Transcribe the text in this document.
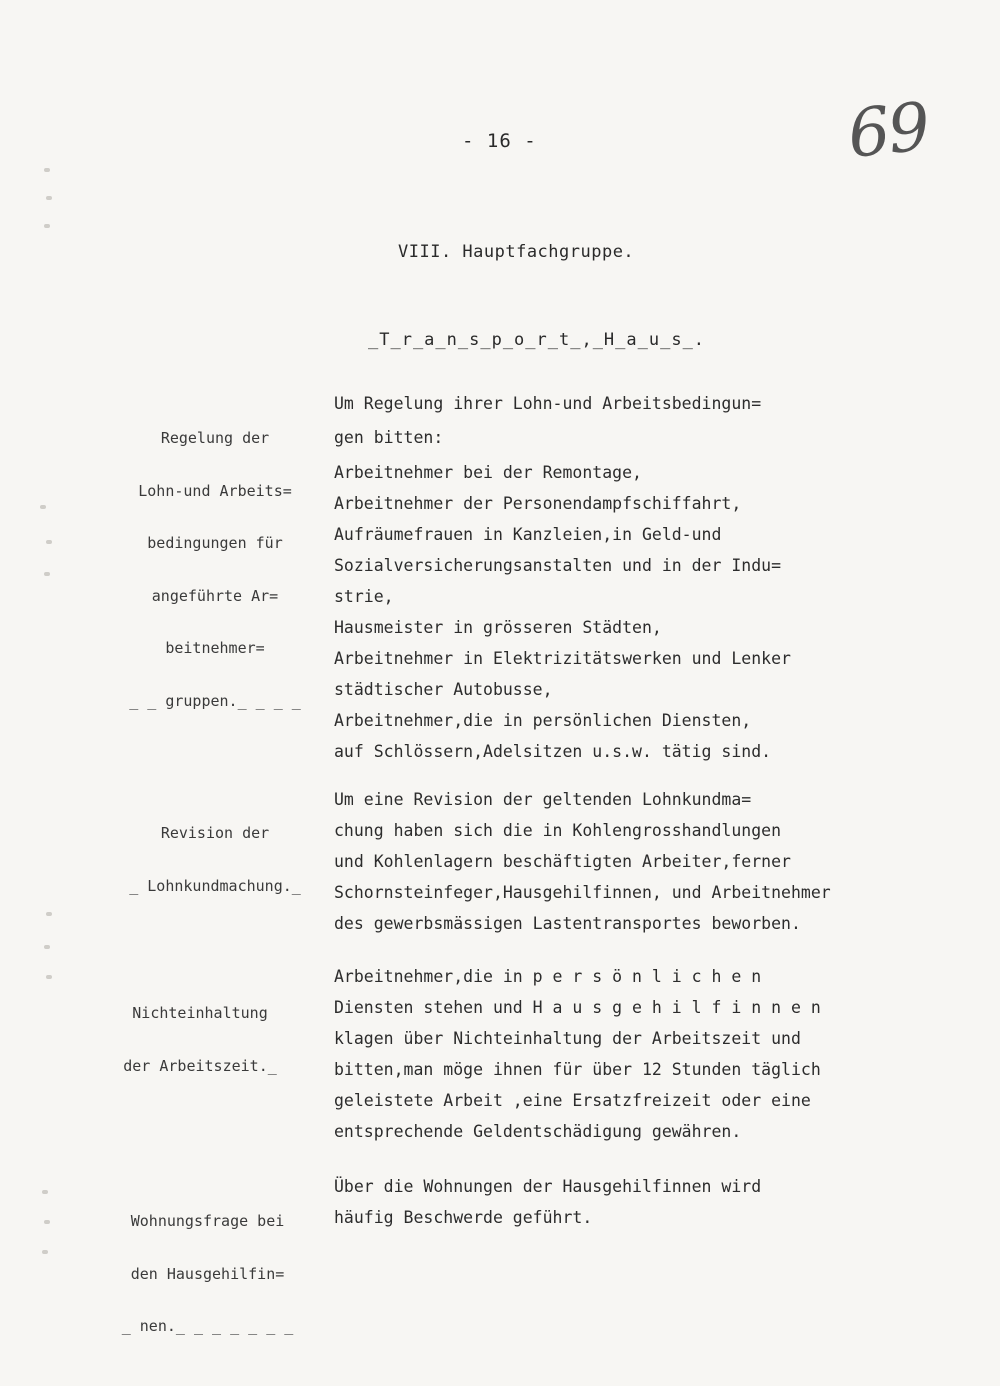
- 16 -	69
VIII. Hauptfachgruppe.
_T_r_a_n_s_p_o_r_t_,_H_a_u_s_.

Regelung der

Lohn-und Arbeits=

bedingungen für

angeführte Ar=

beitnehmer=

_ _ gruppen._ _ _ _

Um Regelung ihrer Lohn-und Arbeitsbedingun=
gen bitten:
Arbeitnehmer bei der Remontage,
Arbeitnehmer der Personendampfschiffahrt,
Aufräumefrauen in Kanzleien,in Geld-und
Sozialversicherungsanstalten und in der Indu=
strie,
Hausmeister in grösseren Städten,
Arbeitnehmer in Elektrizitätswerken und Lenker
städtischer Autobusse,
Arbeitnehmer,die in persönlichen Diensten,
auf Schlössern,Adelsitzen u.s.w. tätig sind.

Revision der

_ Lohnkundmachung._

Um eine Revision der geltenden Lohnkundma=
chung haben sich die in Kohlengrosshandlungen
und Kohlenlagern beschäftigten Arbeiter,ferner
Schornsteinfeger,Hausgehilfinnen, und Arbeitnehmer
des gewerbsmässigen Lastentransportes beworben.

Nichteinhaltung

der Arbeitszeit._

Arbeitnehmer,die in p e r s ö n l i c h e n
Diensten stehen und H a u s g e h i l f i n n e n
klagen über Nichteinhaltung der Arbeitszeit und
bitten,man möge ihnen für über 12 Stunden täglich
geleistete Arbeit ,eine Ersatzfreizeit oder eine
entsprechende Geldentschädigung gewähren.

Wohnungsfrage bei

den Hausgehilfin=

_ nen._ _ _ _ _ _ _

Über die Wohnungen der Hausgehilfinnen wird
häufig Beschwerde geführt.
